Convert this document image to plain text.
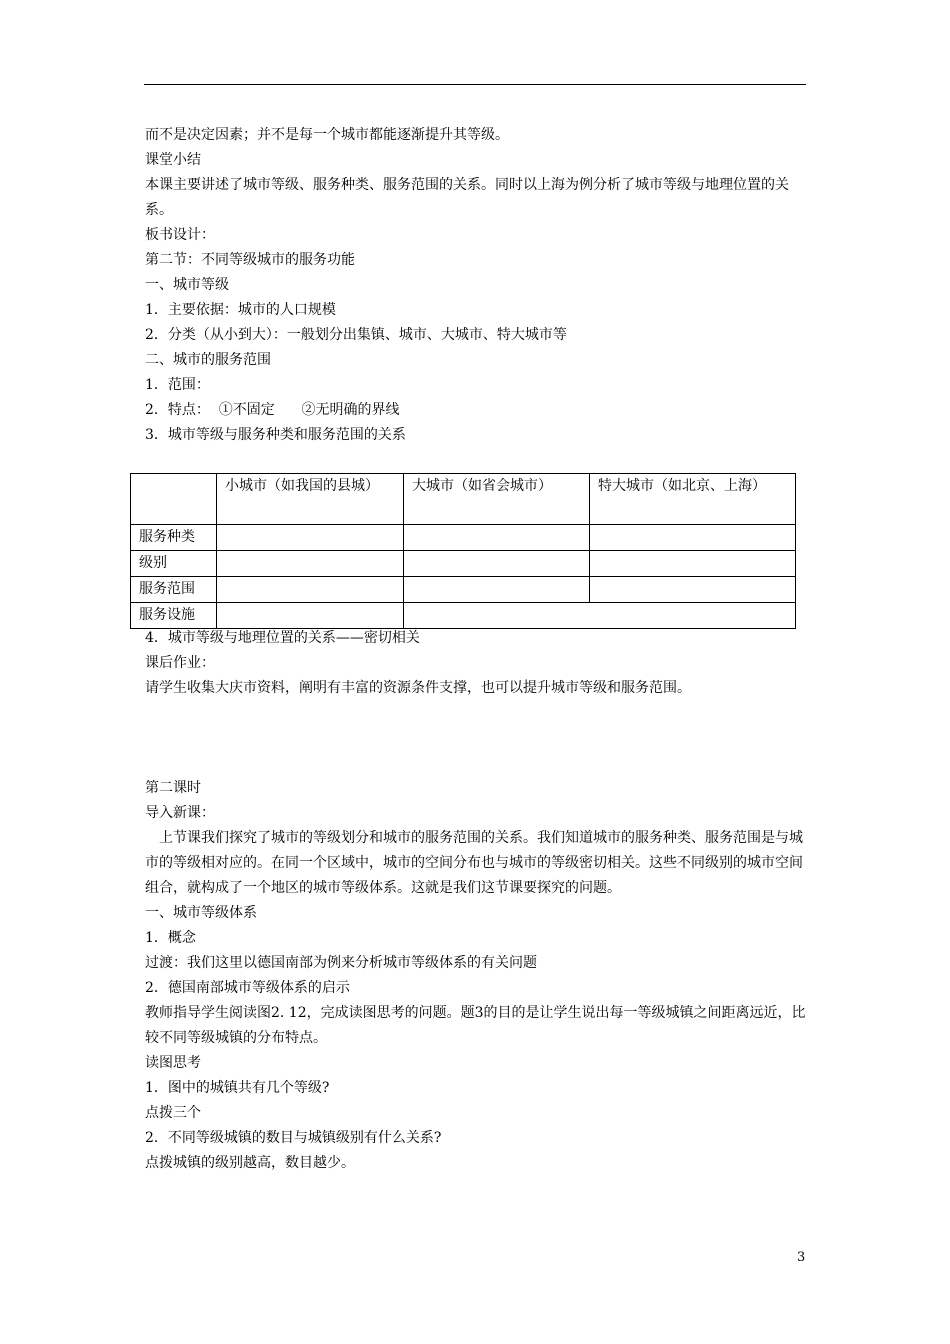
而不是决定因素；并不是每一个城市都能逐渐提升其等级。
课堂小结
本课主要讲述了城市等级、服务种类、服务范围的关系。同时以上海为例分析了城市等级与地理位置的关系。
板书设计：
第二节：不同等级城市的服务功能
一、城市等级
1．主要依据：城市的人口规模
2．分类（从小到大）：一般划分出集镇、城市、大城市、特大城市等
二、城市的服务范围
1．范围：
2．特点：  ①不固定      ②无明确的界线
3．城市等级与服务种类和服务范围的关系
	小城市（如我国的县城）	大城市（如省会城市）	特大城市（如北京、上海）
服务种类			
级别			
服务范围			
服务设施			
4．城市等级与地理位置的关系——密切相关
课后作业：
请学生收集大庆市资料，阐明有丰富的资源条件支撑，也可以提升城市等级和服务范围。
第二课时
导入新课：
上节课我们探究了城市的等级划分和城市的服务范围的关系。我们知道城市的服务种类、服务范围是与城市的等级相对应的。在同一个区域中，城市的空间分布也与城市的等级密切相关。这些不同级别的城市空间组合，就构成了一个地区的城市等级体系。这就是我们这节课要探究的问题。
一、城市等级体系
1．概念
过渡：我们这里以德国南部为例来分析城市等级体系的有关问题
2．德国南部城市等级体系的启示
教师指导学生阅读图2. 12，完成读图思考的问题。题3的目的是让学生说出每一等级城镇之间距离远近，比较不同等级城镇的分布特点。
读图思考
1．图中的城镇共有几个等级?
点拨三个
2．不同等级城镇的数目与城镇级别有什么关系?
点拨城镇的级别越高，数目越少。
3
